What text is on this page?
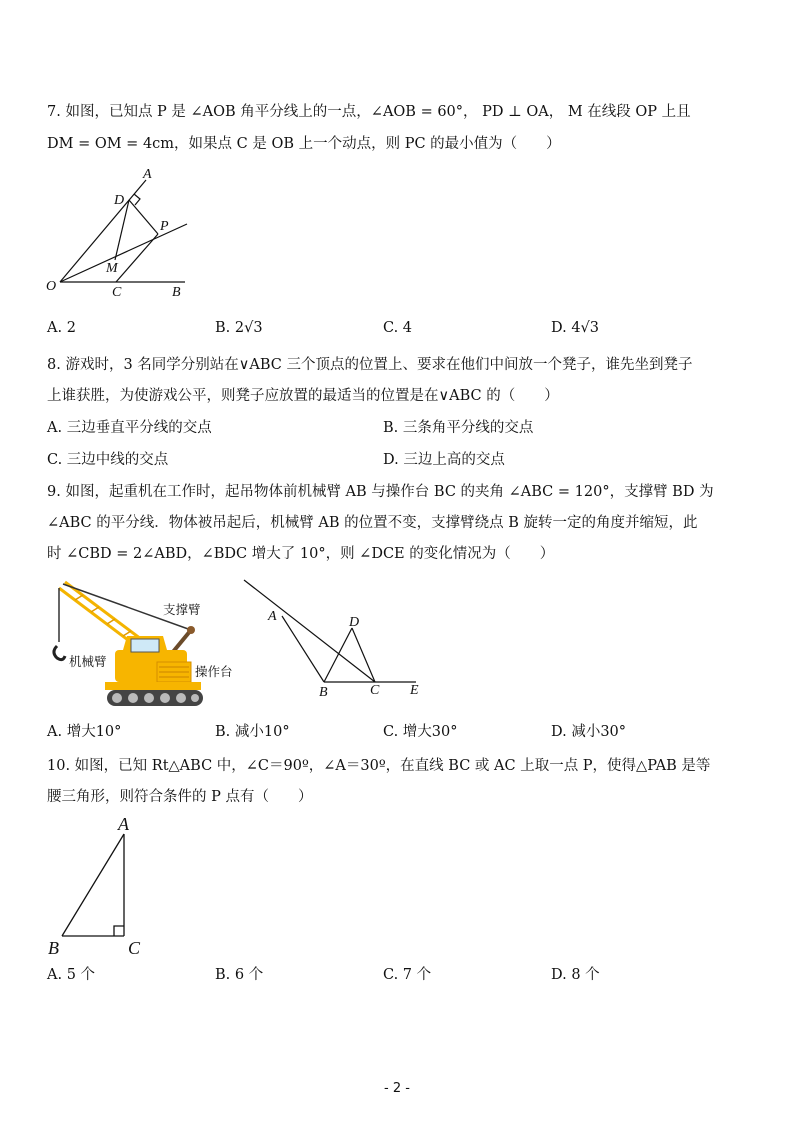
7. 如图，已知点 P 是 ∠AOB 角平分线上的一点，∠AOB = 60°， PD ⊥ OA， M 在线段 OP 上且
DM = OM = 4cm，如果点 C 是 OB 上一个动点，则 PC 的最小值为（　　）
A
D
P
M
O	C	B
A. 2	B. 2√3	C. 4	D. 4√3
8. 游戏时，3 名同学分别站在∨ABC 三个顶点的位置上、要求在他们中间放一个凳子，谁先坐到凳子
上谁获胜，为使游戏公平，则凳子应放置的最适当的位置是在∨ABC 的（　　）
A. 三边垂直平分线的交点	B. 三条角平分线的交点
C. 三边中线的交点	D. 三边上高的交点
9. 如图，起重机在工作时，起吊物体前机械臂 AB 与操作台 BC 的夹角 ∠ABC = 120°，支撑臂 BD 为
∠ABC 的平分线．物体被吊起后，机械臂 AB 的位置不变，支撑臂绕点 B 旋转一定的角度并缩短，此
时 ∠CBD = 2∠ABD，∠BDC 增大了 10°，则 ∠DCE 的变化情况为（　　）
支撑臂
机械臂
操作台
A	D
B	C E
A. 增大10°	B. 减小10°	C. 增大30°	D. 减小30°
10. 如图，已知 Rt△ABC 中，∠C＝90º，∠A＝30º，在直线 BC 或 AC 上取一点 P，使得△PAB 是等
腰三角形，则符合条件的 P 点有（　　）
A
B	C
A. 5 个	B. 6 个	C. 7 个	D. 8 个
- 2 -
